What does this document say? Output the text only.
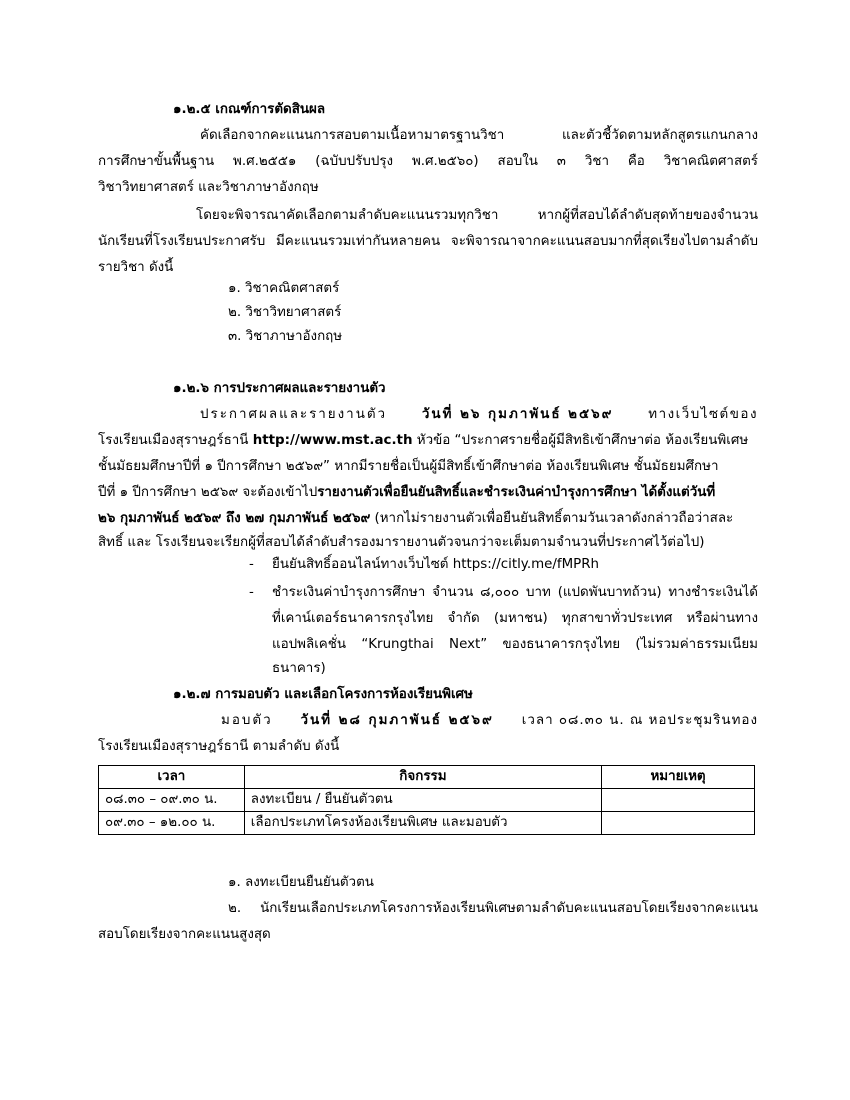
๑.๒.๕ เกณฑ์การตัดสินผล
คัดเลือกจากคะแนนการสอบตามเนื้อหามาตรฐานวิชา และตัวชี้วัดตามหลักสูตรแกนกลาง
การศึกษาขั้นพื้นฐาน พ.ศ.๒๕๕๑ (ฉบับปรับปรุง พ.ศ.๒๕๖๐) สอบใน ๓ วิชา คือ วิชาคณิตศาสตร์
วิชาวิทยาศาสตร์ และวิชาภาษาอังกฤษ
โดยจะพิจารณาคัดเลือกตามลำดับคะแนนรวมทุกวิชา หากผู้ที่สอบได้ลำดับสุดท้ายของจำนวน
นักเรียนที่โรงเรียนประกาศรับ มีคะแนนรวมเท่ากันหลายคน จะพิจารณาจากคะแนนสอบมากที่สุดเรียงไปตามลำดับ
รายวิชา ดังนี้
๑. วิชาคณิตศาสตร์
๒. วิชาวิทยาศาสตร์
๓. วิชาภาษาอังกฤษ
๑.๒.๖ การประกาศผลและรายงานตัว
ประกาศผลและรายงานตัว	วันที่ ๒๖ กุมภาพันธ์ ๒๕๖๙	ทางเว็บไซต์ของ
โรงเรียนเมืองสุราษฎร์ธานี http://www.mst.ac.th หัวข้อ “ประกาศรายชื่อผู้มีสิทธิเข้าศึกษาต่อ ห้องเรียนพิเศษ
ชั้นมัธยมศึกษาปีที่ ๑ ปีการศึกษา ๒๕๖๙” หากมีรายชื่อเป็นผู้มีสิทธิ์เข้าศึกษาต่อ ห้องเรียนพิเศษ ชั้นมัธยมศึกษา
ปีที่ ๑ ปีการศึกษา ๒๕๖๙ จะต้องเข้าไปรายงานตัวเพื่อยืนยันสิทธิ์และชำระเงินค่าบำรุงการศึกษา ได้ตั้งแต่วันที่
๒๖ กุมภาพันธ์ ๒๕๖๙ ถึง ๒๗ กุมภาพันธ์ ๒๕๖๙ (หากไม่รายงานตัวเพื่อยืนยันสิทธิ์ตามวันเวลาดังกล่าวถือว่าสละ
สิทธิ์ และ โรงเรียนจะเรียกผู้ที่สอบได้ลำดับสำรองมารายงานตัวจนกว่าจะเต็มตามจำนวนที่ประกาศไว้ต่อไป)
- ยืนยันสิทธิ์ออนไลน์ทางเว็บไซต์ https://citly.me/fMPRh
- ชำระเงินค่าบำรุงการศึกษา จำนวน ๘,๐๐๐ บาท (แปดพันบาทถ้วน) ทางชำระเงินได้
ที่เคาน์เตอร์ธนาคารกรุงไทย จำกัด (มหาชน) ทุกสาขาทั่วประเทศ หรือผ่านทาง
แอปพลิเคชั่น “Krungthai Next” ของธนาคารกรุงไทย (ไม่รวมค่าธรรมเนียม
ธนาคาร)
๑.๒.๗ การมอบตัว และเลือกโครงการห้องเรียนพิเศษ
มอบตัว วันที่ ๒๘ กุมภาพันธ์ ๒๕๖๙ เวลา ๐๘.๓๐ น. ณ หอประชุมรินทอง
โรงเรียนเมืองสุราษฎร์ธานี ตามลำดับ ดังนี้
เวลา	กิจกรรม	หมายเหตุ
๐๘.๓๐ – ๐๙.๓๐ น.	ลงทะเบียน / ยืนยันตัวตน	
๐๙.๓๐ – ๑๒.๐๐ น.	เลือกประเภทโครงห้องเรียนพิเศษ และมอบตัว	
๑. ลงทะเบียนยืนยันตัวตน
๒. นักเรียนเลือกประเภทโครงการห้องเรียนพิเศษตามลำดับคะแนนสอบโดยเรียงจากคะแนน
สอบโดยเรียงจากคะแนนสูงสุด
